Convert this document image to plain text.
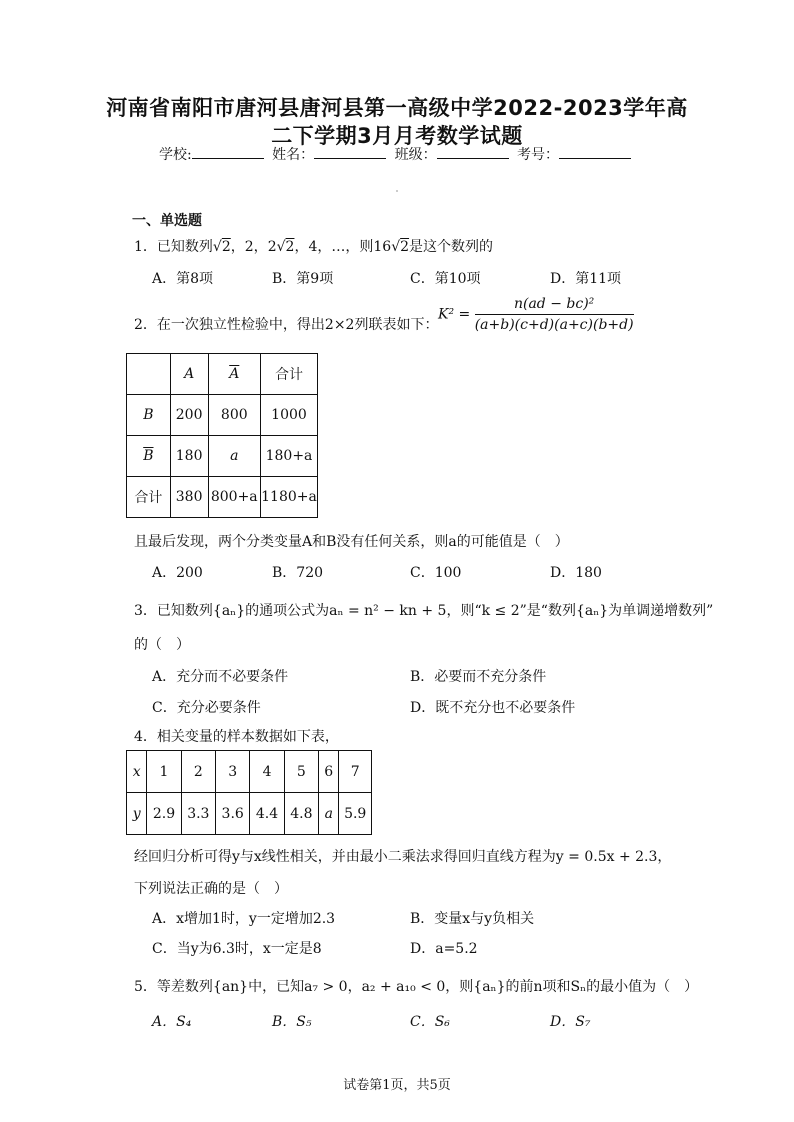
河南省南阳市唐河县唐河县第一高级中学2022-2023学年高
二下学期3月月考数学试题
学校:	姓名：	班级：	考号：
一、单选题
1．已知数列√2，2，2√2，4，…，则16√2是这个数列的
A．第8项	B．第9项	C．第10项	D．第11项
2．在一次独立性检验中，得出2×2列联表如下：
$K^2 = \frac{\text{n(ad − bc)²}}{(a+b)(c+d)(a+c)(b+d)}$
	A	$\overline{A}$	合计
B	200	800	1000
$\overline{B}$	180	a	180+a
合计	380	800+a	1180+a
且最后发现，两个分类变量A和B没有任何关系，则a的可能值是（　）
A．200	B．720	C．100	D．180
3．已知数列{aₙ}的通项公式为aₙ = n² − kn + 5，则“k ≤ 2”是“数列{aₙ}为单调递增数列”
的（　）
A．充分而不必要条件	B．必要而不充分条件
C．充分必要条件	D．既不充分也不必要条件
4．相关变量的样本数据如下表，
x	1	2	3	4	5	6	7
y	2.9	3.3	3.6	4.4	4.8	a	5.9
经回归分析可得y与x线性相关，并由最小二乘法求得回归直线方程为y = 0.5x + 2.3，
下列说法正确的是（　）
A．x增加1时，y一定增加2.3	B．变量x与y负相关
C．当y为6.3时，x一定是8	D．a=5.2
5．等差数列{an}中，已知a₇ > 0，a₂ + a₁₀ < 0，则{aₙ}的前n项和Sₙ的最小值为（　）
A．S₄	B．S₅	C．S₆	D．S₇
试卷第1页，共5页
